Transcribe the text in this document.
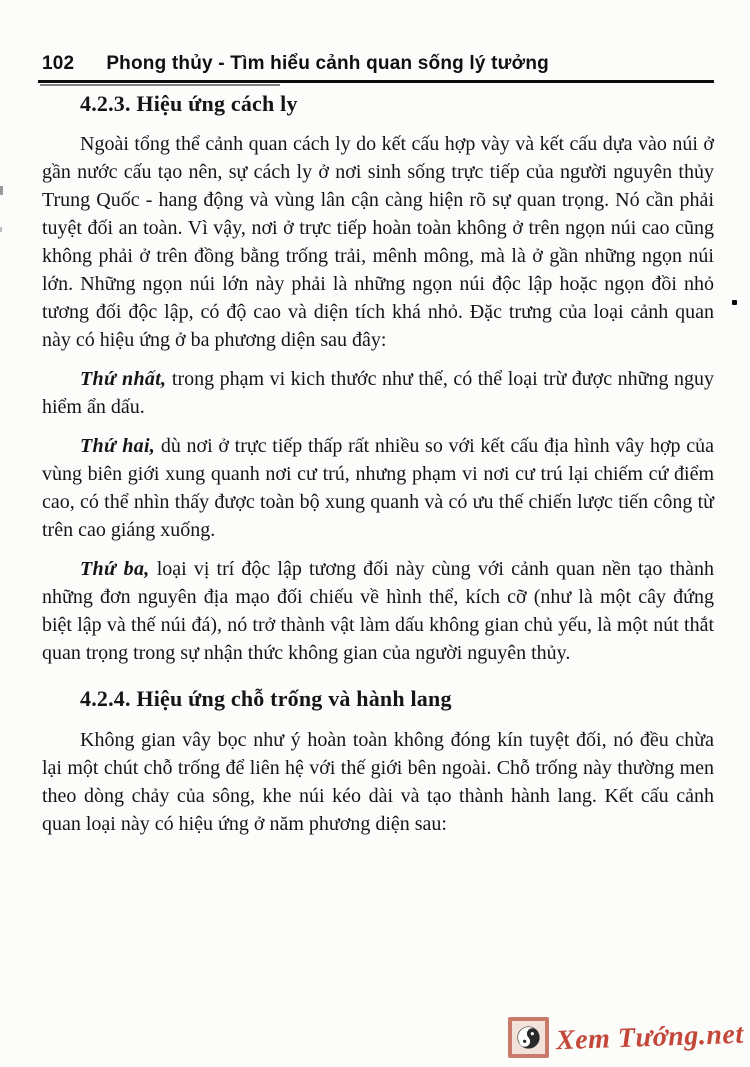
102 Phong thủy - Tìm hiểu cảnh quan sống lý tưởng
4.2.3. Hiệu ứng cách ly

Ngoài tổng thể cảnh quan cách ly do kết cấu hợp vày và kết cấu dựa vào núi ở gần nước cấu tạo nên, sự cách ly ở nơi sinh sống trực tiếp của người nguyên thủy Trung Quốc - hang động và vùng lân cận càng hiện rõ sự quan trọng. Nó cần phải tuyệt đối an toàn. Vì vậy, nơi ở trực tiếp hoàn toàn không ở trên ngọn núi cao cũng không phải ở trên đồng bằng trống trải, mênh mông, mà là ở gần những ngọn núi lớn. Những ngọn núi lớn này phải là những ngọn núi độc lập hoặc ngọn đồi nhỏ tương đối độc lập, có độ cao và diện tích khá nhỏ. Đặc trưng của loại cảnh quan này có hiệu ứng ở ba phương diện sau đây:

Thứ nhất, trong phạm vi kich thước như thế, có thể loại trừ được những nguy hiểm ẩn dấu.

Thứ hai, dù nơi ở trực tiếp thấp rất nhiều so với kết cấu địa hình vây hợp của vùng biên giới xung quanh nơi cư trú, nhưng phạm vi nơi cư trú lại chiếm cứ điểm cao, có thể nhìn thấy được toàn bộ xung quanh và có ưu thế chiến lược tiến công từ trên cao giáng xuống.

Thứ ba, loại vị trí độc lập tương đối này cùng với cảnh quan nền tạo thành những đơn nguyên địa mạo đối chiếu về hình thể, kích cỡ (như là một cây đứng biệt lập và thế núi đá), nó trở thành vật làm dấu không gian chủ yếu, là một nút thắt quan trọng trong sự nhận thức không gian của người nguyên thủy.

4.2.4. Hiệu ứng chỗ trống và hành lang

Không gian vây bọc như ý hoàn toàn không đóng kín tuyệt đối, nó đều chừa lại một chút chỗ trống để liên hệ với thế giới bên ngoài. Chỗ trống này thường men theo dòng chảy của sông, khe núi kéo dài và tạo thành hành lang. Kết cấu cảnh quan loại này có hiệu ứng ở năm phương diện sau:

Xem Tướng.net
